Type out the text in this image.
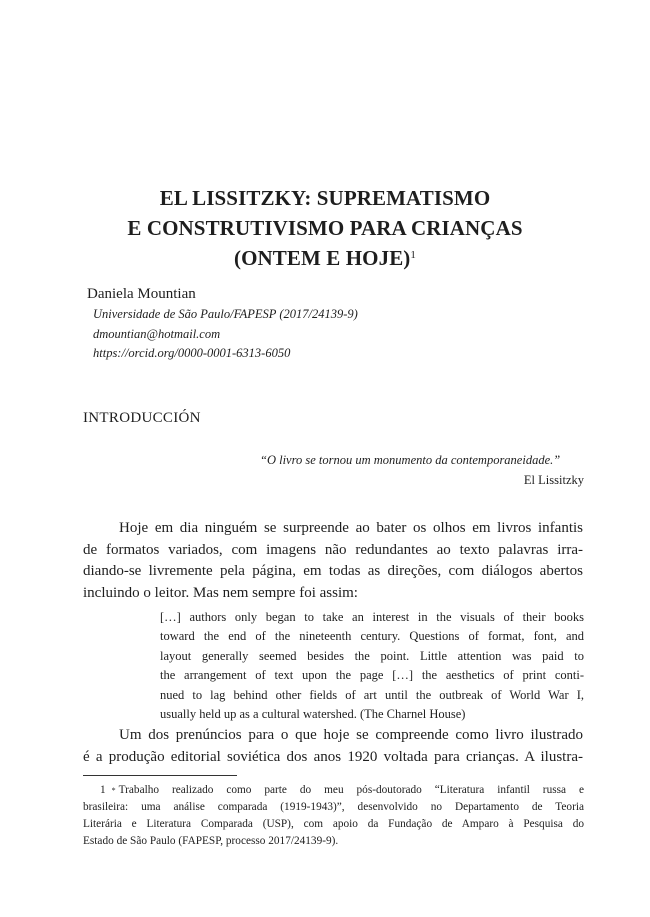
EL LISSITZKY: SUPREMATISMO
E CONSTRUTIVISMO PARA CRIANÇAS
(ONTEM E HOJE)$^1$
Daniela Mountian
Universidade de São Paulo/FAPESP (2017/24139-9)
dmountian@hotmail.com
https://orcid.org/0000-0001-6313-6050
INTRODUCCIÓN
“O livro se tornou um monumento da contemporaneidade.”
El Lissitzky
Hoje em dia ninguém se surpreende ao bater os olhos em livros infantis
de formatos variados, com imagens não redundantes ao texto palavras irra-
diando-se livremente pela página, em todas as direções, com diálogos abertos
incluindo o leitor. Mas nem sempre foi assim:
[…] authors only began to take an interest in the visuals of their books
toward the end of the nineteenth century. Questions of format, font, and
layout generally seemed besides the point. Little attention was paid to
the arrangement of text upon the page […] the aesthetics of print conti-
nued to lag behind other fields of art until the outbreak of World War I,
usually held up as a cultural watershed. (The Charnel House)
Um dos prenúncios para o que hoje se compreende como livro ilustrado
é a produção editorial soviética dos anos 1920 voltada para crianças. A ilustra-
1 * Trabalho realizado como parte do meu pós-doutorado “Literatura infantil russa e
brasileira: uma análise comparada (1919-1943)”, desenvolvido no Departamento de Teoria
Literária e Literatura Comparada (USP), com apoio da Fundação de Amparo à Pesquisa do
Estado de São Paulo (FAPESP, processo 2017/24139-9).
